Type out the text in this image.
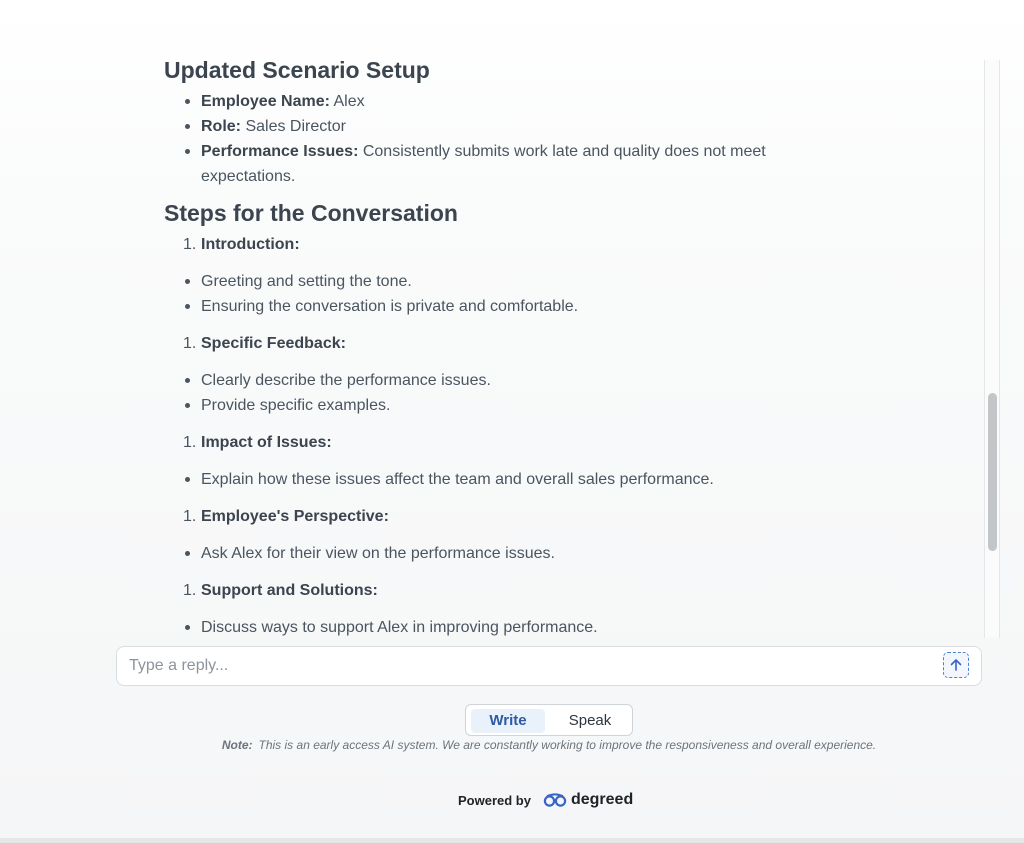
Updated Scenario Setup
Employee Name: Alex
Role: Sales Director
Performance Issues: Consistently submits work late and quality does not meet expectations.
Steps for the Conversation
1. Introduction:
Greeting and setting the tone.
Ensuring the conversation is private and comfortable.
1. Specific Feedback:
Clearly describe the performance issues.
Provide specific examples.
1. Impact of Issues:
Explain how these issues affect the team and overall sales performance.
1. Employee's Perspective:
Ask Alex for their view on the performance issues.
1. Support and Solutions:
Discuss ways to support Alex in improving performance.
Type a reply...
Write	Speak
Note: This is an early access AI system. We are constantly working to improve the responsiveness and overall experience.
Powered by	degreed
